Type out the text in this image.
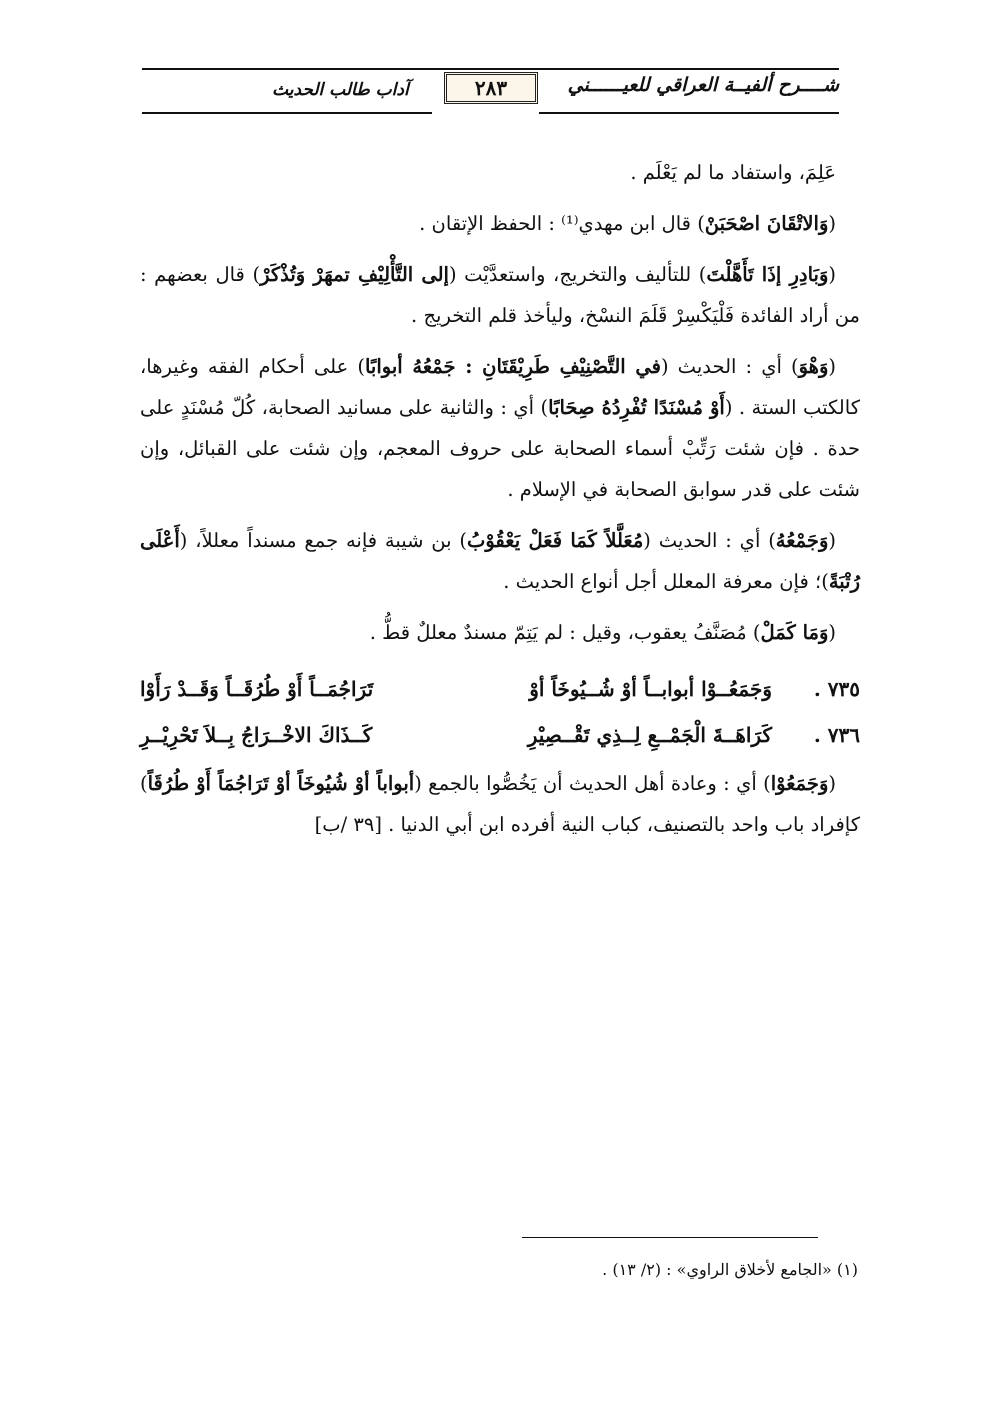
شــــرح ألفيــة العراقي للعيــــــني
٢٨٣
آداب طالب الحديث

عَلِمَ، واستفاد ما لم يَعْلَم .

(وَالاتْقَانَ اصْحَبَنْ) قال ابن مهدي⁽¹⁾ : الحفظ الإتقان .

(وَبَادِرِ إذَا تَأَهَّلْتَ) للتأليف والتخريج، واستعدَّيْت (إلى التَّأْلِيْفِ تمهَرْ وَتُذْكَرْ) قال بعضهم : من أراد الفائدة فَلْيَكْسِرْ قَلَمَ النسْخ، وليأخذ قلم التخريج .

(وَهْوَ) أي : الحديث (في التَّصْنِيْفِ طَرِيْقَتَانِ : جَمْعُهُ أبوابًا) على أحكام الفقه وغيرها، كالكتب الستة . (أَوْ مُسْنَدًا تُفْرِدُهُ صِحَابًا) أي : والثانية على مسانيد الصحابة، كُلّ مُسْنَدٍ على حدة . فإن شئت رَتِّبْ أسماء الصحابة على حروف المعجم، وإن شئت على القبائل، وإن شئت على قدر سوابق الصحابة في الإسلام .

(وَجَمْعُهُ) أي : الحديث (مُعَلَّلاً كَمَا فَعَلْ يَعْقُوْبُ) بن شيبة فإنه جمع مسنداً معللاً، (أَعْلَى رُتْبَةً)؛ فإن معرفة المعلل أجل أنواع الحديث .

(وَمَا كَمَلْ) مُصَنَّفُ يعقوب، وقيل : لم يَتِمّ مسندٌ معللٌ قطُّ .

٧٣٥ .
وَجَمَعُــوْا أبوابــاً أوْ شُــيُوخَاً أوْ
تَرَاجُمَــاً أَوْ طُرُقَــاً وَقَــدْ رَأَوْا
٧٣٦ .
كَرَاهَــةَ الْجَمْــعِ لِــذِي تَقْــصِيْرِ
كَــذَاكَ الاخْــرَاجُ بِــلاَ تَحْرِيْــرِ

(وَجَمَعُوْا) أي : وعادة أهل الحديث أن يَخُصُّوا بالجمع (أبواباً أوْ شُيُوخَاً أوْ تَرَاجُمَاً أَوْ طُرُقَاً) كإفراد باب واحد بالتصنيف، كباب النية أفرده ابن أبي الدنيا . [٣٩ /ب]

(١) «الجامع لأخلاق الراوي» : (٢/ ١٣) .
